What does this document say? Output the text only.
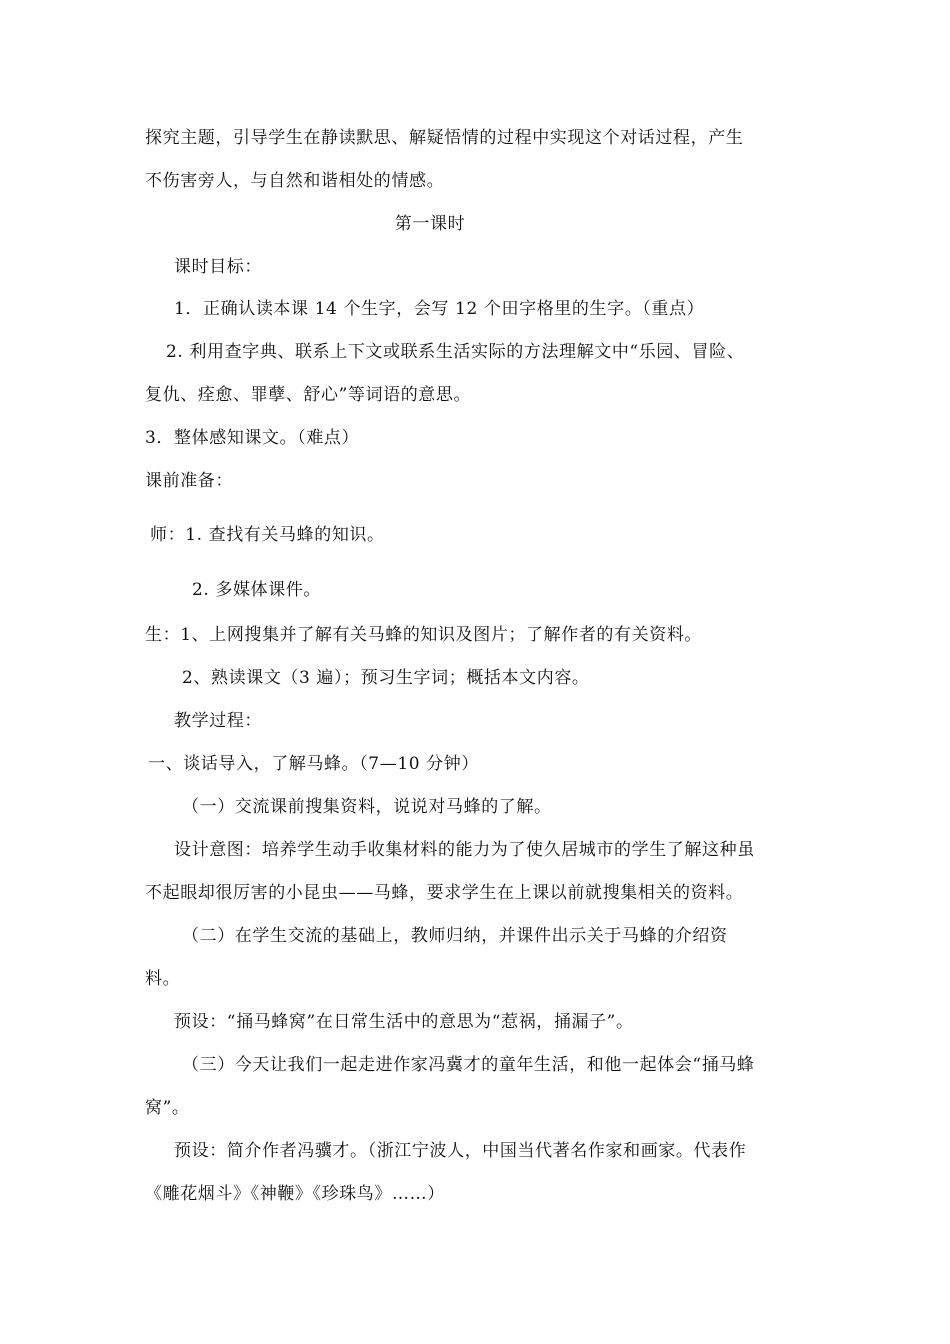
探究主题，引导学生在静读默思、解疑悟情的过程中实现这个对话过程，产生
不伤害旁人，与自然和谐相处的情感。
第一课时
课时目标：
1．正确认读本课 14 个生字，会写 12 个田字格里的生字。（重点）
2. 利用查字典、联系上下文或联系生活实际的方法理解文中“乐园、冒险、
复仇、痊愈、罪孽、舒心”等词语的意思。
3．整体感知课文。（难点）
课前准备：
师：1. 查找有关马蜂的知识。
2. 多媒体课件。
生：1、上网搜集并了解有关马蜂的知识及图片；了解作者的有关资料。
2、熟读课文（3 遍）；预习生字词；概括本文内容。
教学过程：
一、谈话导入，了解马蜂。（7—10 分钟）
（一）交流课前搜集资料，说说对马蜂的了解。
设计意图：培养学生动手收集材料的能力为了使久居城市的学生了解这种虽
不起眼却很厉害的小昆虫——马蜂，要求学生在上课以前就搜集相关的资料。
（二）在学生交流的基础上，教师归纳，并课件出示关于马蜂的介绍资
料。
预设：“捅马蜂窝”在日常生活中的意思为“惹祸，捅漏子”。
（三）今天让我们一起走进作家冯冀才的童年生活，和他一起体会“捅马蜂
窝”。
预设：简介作者冯骥才。（浙江宁波人，中国当代著名作家和画家。代表作
《雕花烟斗》《神鞭》《珍珠鸟》……）
